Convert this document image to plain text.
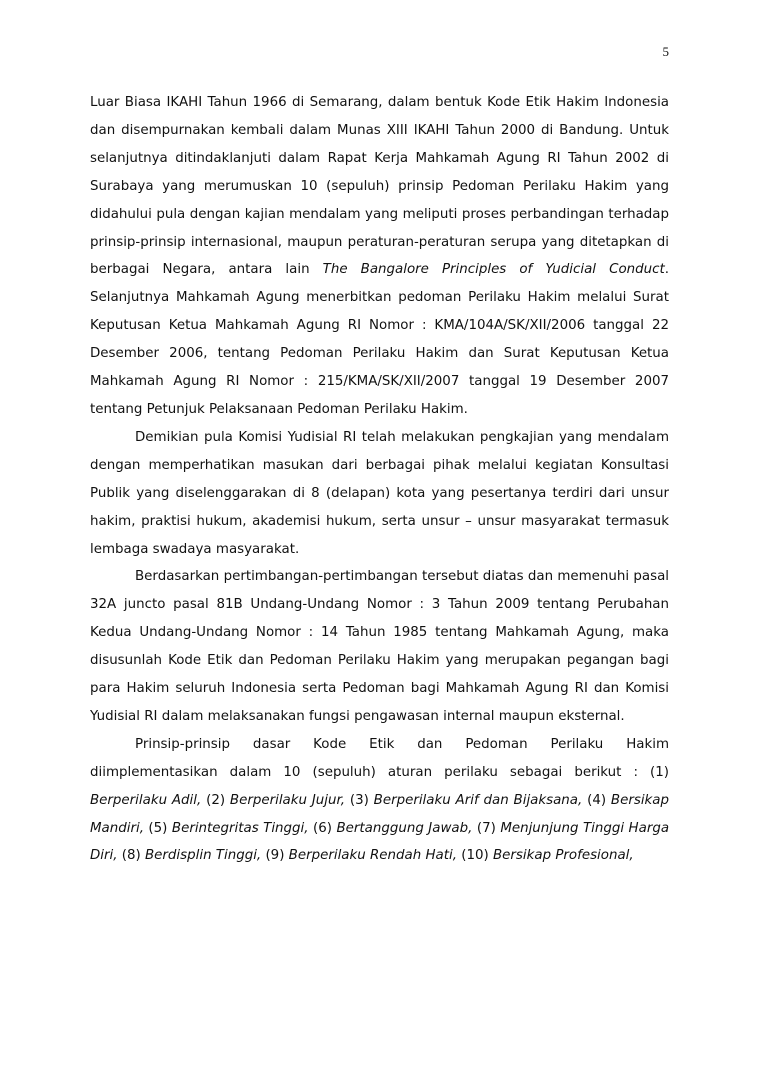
5

Luar Biasa IKAHI Tahun 1966 di Semarang, dalam bentuk Kode Etik Hakim Indonesia dan disempurnakan kembali dalam Munas XIII IKAHI Tahun 2000 di Bandung. Untuk selanjutnya ditindaklanjuti dalam Rapat Kerja Mahkamah Agung RI Tahun 2002 di Surabaya yang merumuskan 10 (sepuluh) prinsip Pedoman Perilaku Hakim yang didahului pula dengan kajian mendalam yang meliputi proses perbandingan terhadap prinsip-prinsip internasional, maupun peraturan-peraturan serupa yang ditetapkan di berbagai Negara, antara lain The Bangalore Principles of Yudicial Conduct. Selanjutnya Mahkamah Agung menerbitkan pedoman Perilaku Hakim melalui Surat Keputusan Ketua Mahkamah Agung RI Nomor : KMA/104A/SK/XII/2006 tanggal 22 Desember 2006, tentang Pedoman Perilaku Hakim dan Surat Keputusan Ketua Mahkamah Agung RI Nomor : 215/KMA/SK/XII/2007 tanggal 19 Desember 2007 tentang Petunjuk Pelaksanaan Pedoman Perilaku Hakim.

Demikian pula Komisi Yudisial RI telah melakukan pengkajian yang mendalam dengan memperhatikan masukan dari berbagai pihak melalui kegiatan Konsultasi Publik yang diselenggarakan di 8 (delapan) kota yang pesertanya terdiri dari unsur hakim, praktisi hukum, akademisi hukum, serta unsur – unsur masyarakat termasuk lembaga swadaya masyarakat.

Berdasarkan pertimbangan-pertimbangan tersebut diatas dan memenuhi pasal 32A juncto pasal 81B Undang-Undang Nomor : 3 Tahun 2009 tentang Perubahan Kedua Undang-Undang Nomor : 14 Tahun 1985 tentang Mahkamah Agung, maka disusunlah Kode Etik dan Pedoman Perilaku Hakim yang merupakan pegangan bagi para Hakim seluruh Indonesia serta Pedoman bagi Mahkamah Agung RI dan Komisi Yudisial RI dalam melaksanakan fungsi pengawasan internal maupun eksternal.

Prinsip-prinsip dasar Kode Etik dan Pedoman Perilaku Hakim diimplementasikan dalam 10 (sepuluh) aturan perilaku sebagai berikut : (1) Berperilaku Adil, (2) Berperilaku Jujur, (3) Berperilaku Arif dan Bijaksana, (4) Bersikap Mandiri, (5) Berintegritas Tinggi, (6) Bertanggung Jawab, (7) Menjunjung Tinggi Harga Diri, (8) Berdisplin Tinggi, (9) Berperilaku Rendah Hati, (10) Bersikap Profesional,
